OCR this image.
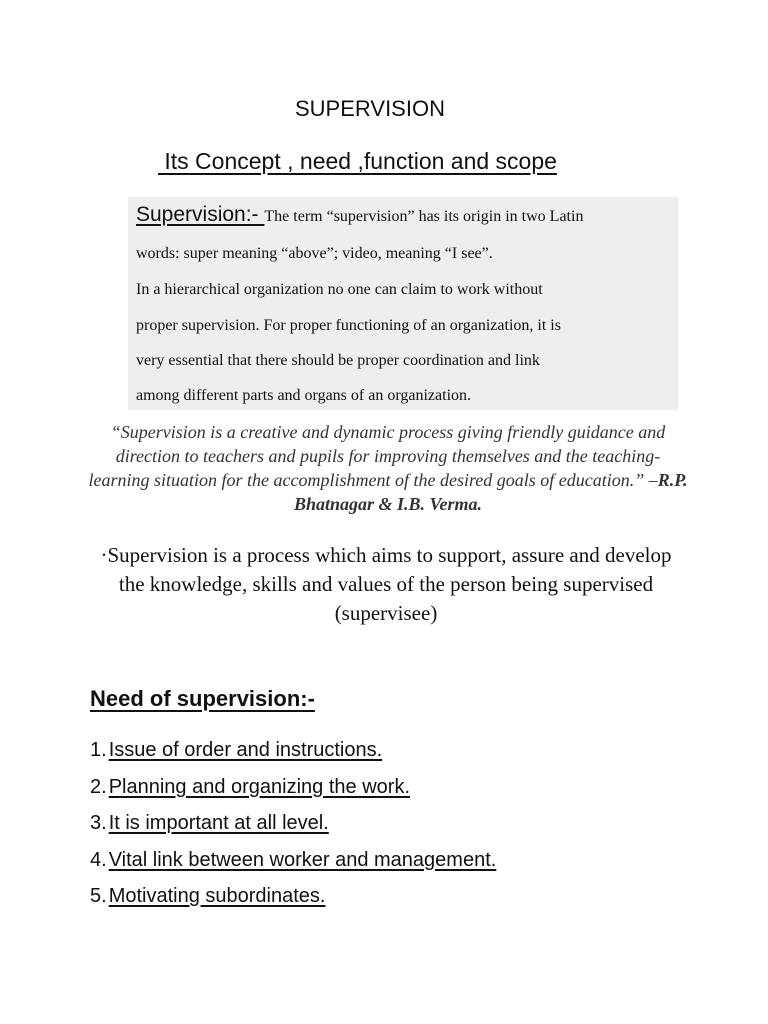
SUPERVISION
Its Concept , need ,function and scope
Supervision:- The term “supervision” has its origin in two Latin
words: super meaning “above”; video, meaning “I see”.
In a hierarchical organization no one can claim to work without
proper supervision. For proper functioning of an organization, it is
very essential that there should be proper coordination and link
among different parts and organs of an organization.
“Supervision is a creative and dynamic process giving friendly guidance and direction to teachers and pupils for improving themselves and the teaching-learning situation for the accomplishment of the desired goals of education.” –R.P. Bhatnagar & I.B. Verma.
·Supervision is a process which aims to support, assure and develop the knowledge, skills and values of the person being supervised (supervisee)
Need of supervision:-
1. Issue of order and instructions.
2. Planning and organizing the work.
3. It is important at all level.
4. Vital link between worker and management.
5. Motivating subordinates.
